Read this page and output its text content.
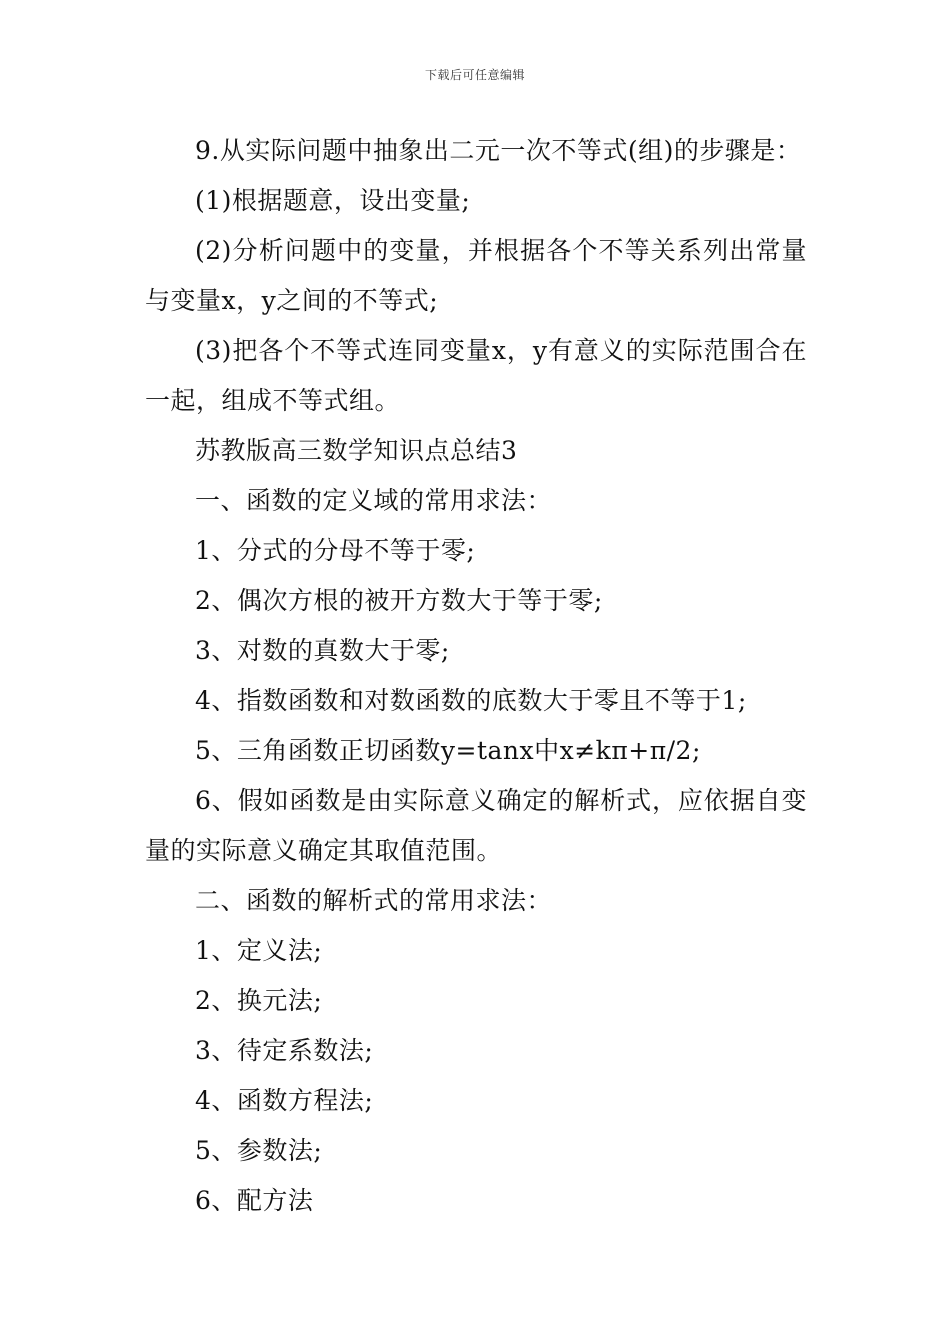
下载后可任意编辑

9.从实际问题中抽象出二元一次不等式(组)的步骤是：

(1)根据题意，设出变量;

(2)分析问题中的变量，并根据各个不等关系列出常量与变量x，y之间的不等式;

(3)把各个不等式连同变量x，y有意义的实际范围合在一起，组成不等式组。

苏教版高三数学知识点总结3

一、函数的定义域的常用求法：

1、分式的分母不等于零;

2、偶次方根的被开方数大于等于零;

3、对数的真数大于零;

4、指数函数和对数函数的底数大于零且不等于1;

5、三角函数正切函数y=tanx中x≠kπ+π/2;

6、假如函数是由实际意义确定的解析式，应依据自变量的实际意义确定其取值范围。

二、函数的解析式的常用求法：

1、定义法;

2、换元法;

3、待定系数法;

4、函数方程法;

5、参数法;

6、配方法
